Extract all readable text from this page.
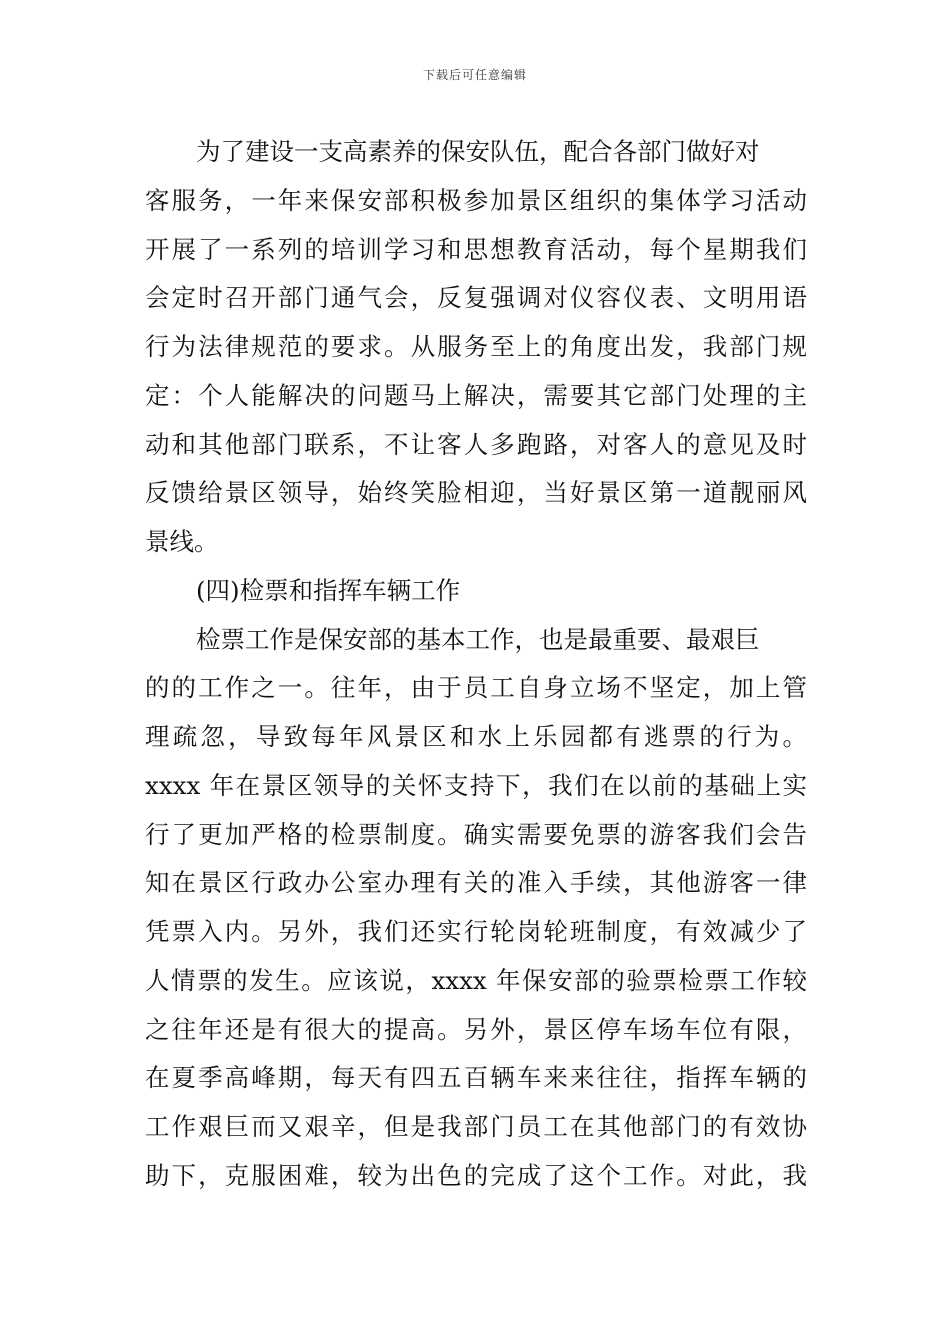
下载后可任意编辑
为了建设一支高素养的保安队伍，配合各部门做好对
客服务，一年来保安部积极参加景区组织的集体学习活动
开展了一系列的培训学习和思想教育活动，每个星期我们
会定时召开部门通气会，反复强调对仪容仪表、文明用语
行为法律规范的要求。从服务至上的角度出发，我部门规
定：个人能解决的问题马上解决，需要其它部门处理的主
动和其他部门联系，不让客人多跑路，对客人的意见及时
反馈给景区领导，始终笑脸相迎，当好景区第一道靓丽风
景线。
(四)检票和指挥车辆工作
检票工作是保安部的基本工作，也是最重要、最艰巨
的的工作之一。往年，由于员工自身立场不坚定，加上管
理疏忽，导致每年风景区和水上乐园都有逃票的行为。
xxxx 年在景区领导的关怀支持下，我们在以前的基础上实
行了更加严格的检票制度。确实需要免票的游客我们会告
知在景区行政办公室办理有关的准入手续，其他游客一律
凭票入内。另外，我们还实行轮岗轮班制度，有效减少了
人情票的发生。应该说，xxxx 年保安部的验票检票工作较
之往年还是有很大的提高。另外，景区停车场车位有限，
在夏季高峰期，每天有四五百辆车来来往往，指挥车辆的
工作艰巨而又艰辛，但是我部门员工在其他部门的有效协
助下，克服困难，较为出色的完成了这个工作。对此，我
